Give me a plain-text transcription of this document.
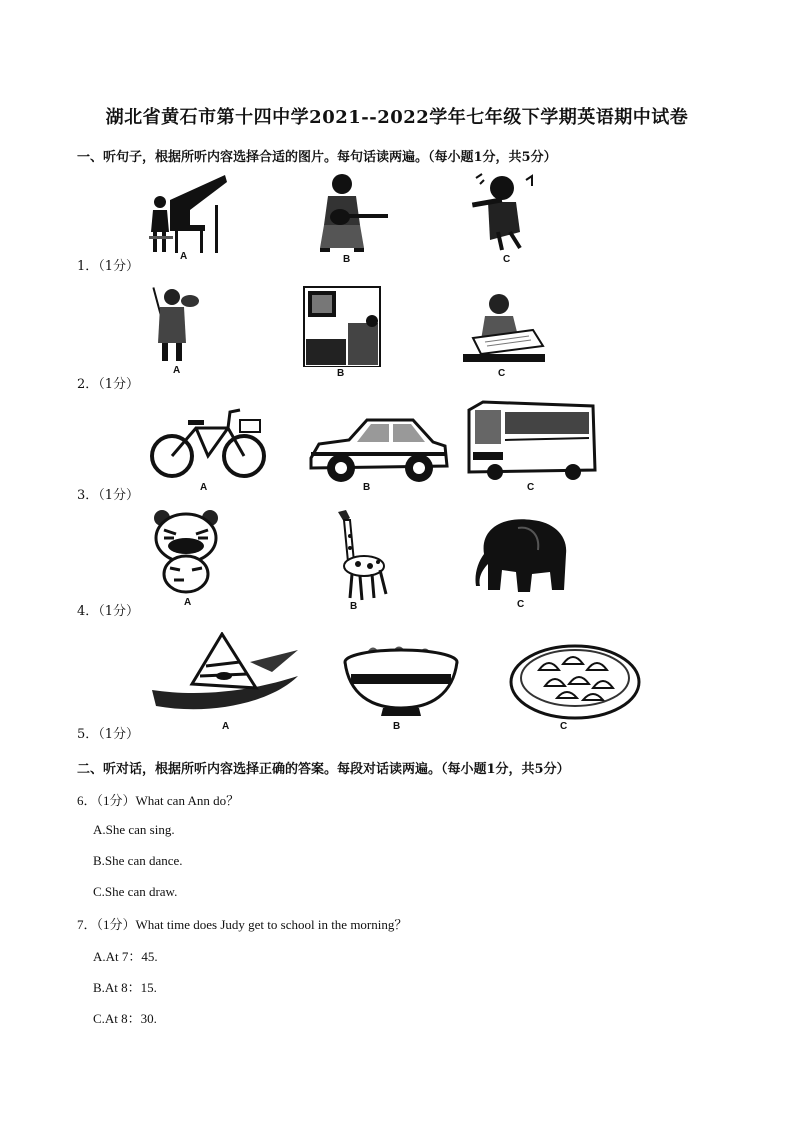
湖北省黄石市第十四中学2021--2022学年七年级下学期英语期中试卷
一、听句子，根据所听内容选择合适的图片。每句话读两遍。（每小题1分，共5分）
1．（1分）
A	B	C
2．（1分）
A	B	C
3．（1分）
A	B	C
4．（1分）
A	B	C
5．（1分）
A	B	C
二、听对话，根据所听内容选择正确的答案。每段对话读两遍。（每小题1分，共5分）
6．（1分）What can Ann do？
A.She can sing.
B.She can dance.
C.She can draw.
7．（1分）What time does Judy get to school in the morning？
A.At 7：45.
B.At 8：15.
C.At 8：30.
